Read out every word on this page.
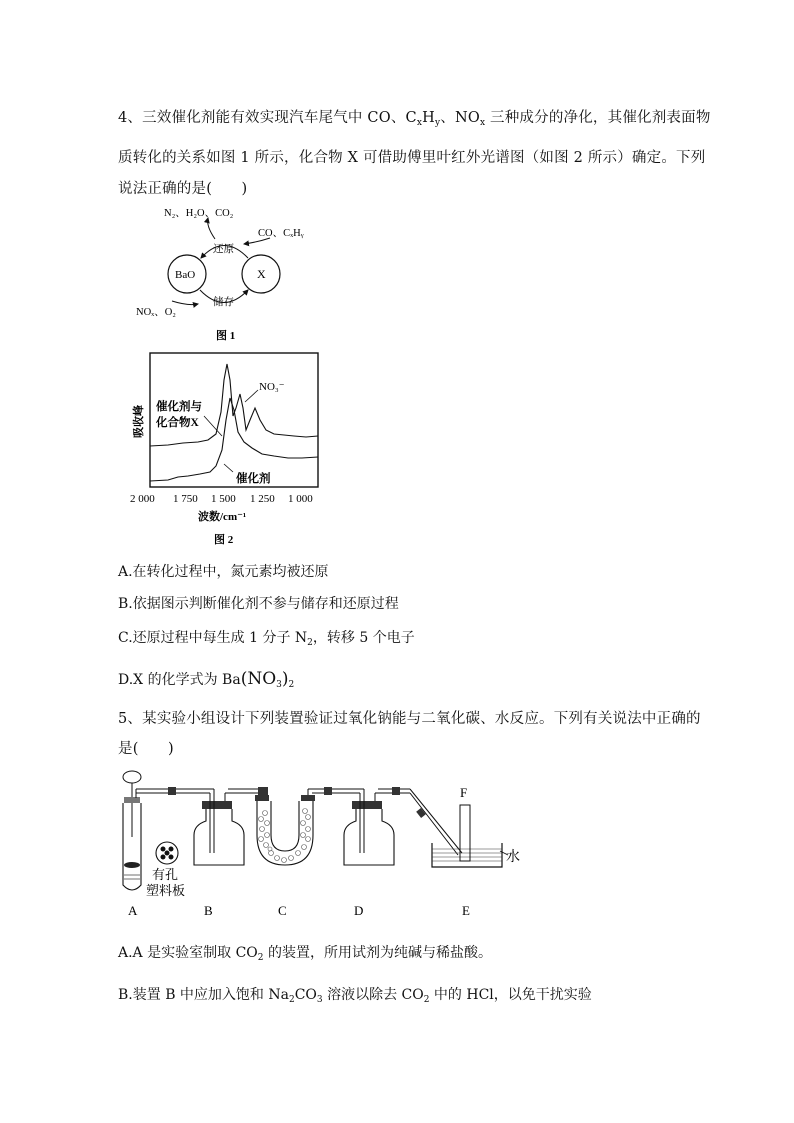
4、三效催化剂能有效实现汽车尾气中 CO、$C_xH_y$、$NO_x$ 三种成分的净化，其催化剂表面物
质转化的关系如图 1 所示，化合物 X 可借助傅里叶红外光谱图（如图 2 所示）确定。下列
说法正确的是(　　)
N₂、H₂O、CO₂
CO、CₓHᵧ
NOₓ、O₂
BaO	X
还原
储存
图 1
催化剂与
化合物X
NO₃⁻
催化剂
吸收峰
2 000 1 750 1 500 1 250 1 000
波数/cm⁻¹
图 2
A.在转化过程中，氮元素均被还原
B.依据图示判断催化剂不参与储存和还原过程
C.还原过程中每生成 1 分子 $N_2$，转移 5 个电子
D.X 的化学式为 $Ba(NO_3)_2$
5、某实验小组设计下列装置验证过氧化钠能与二氧化碳、水反应。下列有关说法中正确的
是(　　)
F
水
有孔
塑料板
A	B	C	D	E
A.A 是实验室制取 $CO_2$ 的装置，所用试剂为纯碱与稀盐酸。
B.装置 B 中应加入饱和 $Na_2CO_3$ 溶液以除去 $CO_2$ 中的 HCl，以免干扰实验
